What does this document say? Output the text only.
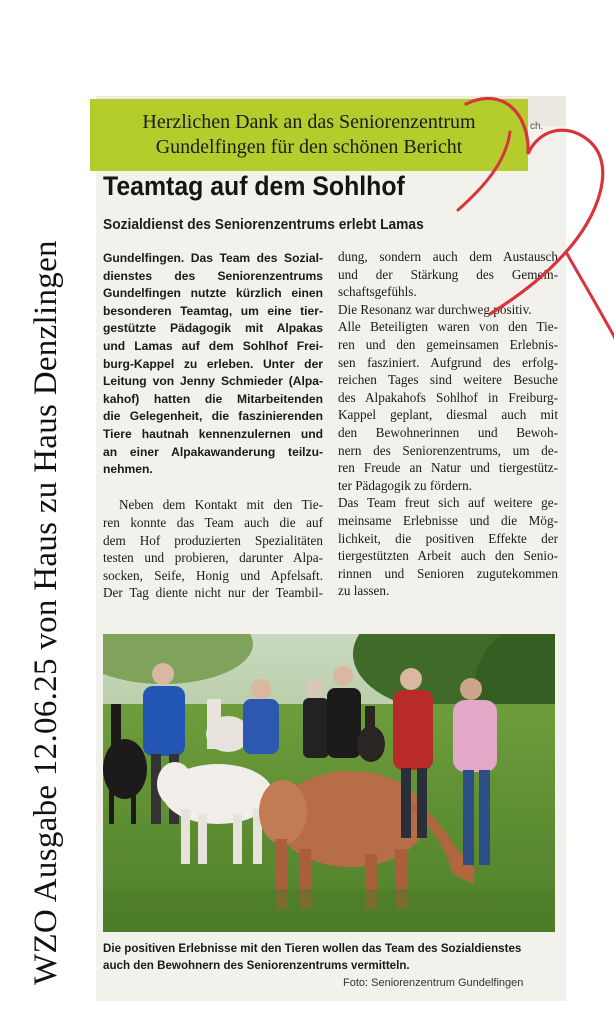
WZO Ausgabe 12.06.25 von Haus zu Haus Denzlingen
ch.
Herzlichen Dank an das Seniorenzentrum
Gundelfingen für den schönen Bericht
Teamtag auf dem Sohlhof
Sozialdienst des Seniorenzentrums erlebt Lamas
Gundelfingen. Das Team des Sozial-
dienstes des Seniorenzentrums
Gundelfingen nutzte kürzlich einen
besonderen Teamtag, um eine tier-
gestützte Pädagogik mit Alpakas
und Lamas auf dem Sohlhof Frei-
burg-Kappel zu erleben. Unter der
Leitung von Jenny Schmieder (Alpa-
kahof) hatten die Mitarbeitenden
die Gelegenheit, die faszinierenden
Tiere hautnah kennenzulernen und
an einer Alpakawanderung teilzu-
nehmen.
Neben dem Kontakt mit den Tie-
ren konnte das Team auch die auf
dem Hof produzierten Spezialitäten
testen und probieren, darunter Alpa-
socken, Seife, Honig und Apfelsaft.
Der Tag diente nicht nur der Teambil-
dung, sondern auch dem Austausch
und der Stärkung des Gemein-
schaftsgefühls.
Die Resonanz war durchweg positiv.
Alle Beteiligten waren von den Tie-
ren und den gemeinsamen Erlebnis-
sen fasziniert. Aufgrund des erfolg-
reichen Tages sind weitere Besuche
des Alpakahofs Sohlhof in Freiburg-
Kappel geplant, diesmal auch mit
den Bewohnerinnen und Bewoh-
nern des Seniorenzentrums, um de-
ren Freude an Natur und tiergestütz-
ter Pädagogik zu fördern.
Das Team freut sich auf weitere ge-
meinsame Erlebnisse und die Mög-
lichkeit, die positiven Effekte der
tiergestützten Arbeit auch den Senio-
rinnen und Senioren zugutekommen
zu lassen.
Die positiven Erlebnisse mit den Tieren wollen das Team des Sozialdienstes
auch den Bewohnern des Seniorenzentrums vermitteln.
Foto: Seniorenzentrum Gundelfingen
